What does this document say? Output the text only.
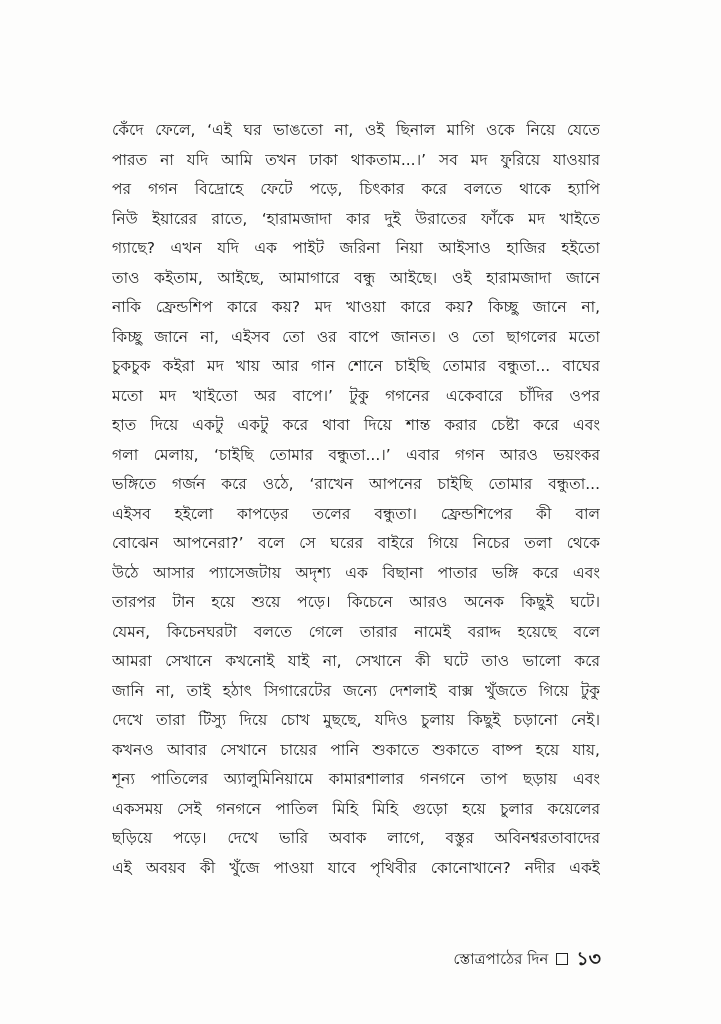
কেঁদে ফেলে, ‘এই ঘর ভাঙতো না, ওই ছিনাল মাগি ওকে নিয়ে যেতে
পারত না যদি আমি তখন ঢাকা থাকতাম...।’ সব মদ ফুরিয়ে যাওয়ার
পর গগন বিদ্রোহে ফেটে পড়ে, চিৎকার করে বলতে থাকে হ্যাপি
নিউ ইয়ারের রাতে, ‘হারামজাদা কার দুই উরাতের ফাঁকে মদ খাইতে
গ্যাছে? এখন যদি এক পাইট জরিনা নিয়া আইসাও হাজির হইতো
তাও কইতাম, আইছে, আমাগারে বন্ধু আইছে। ওই হারামজাদা জানে
নাকি ফ্রেন্ডশিপ কারে কয়? মদ খাওয়া কারে কয়? কিচ্ছু জানে না,
কিচ্ছু জানে না, এইসব তো ওর বাপে জানত। ও তো ছাগলের মতো
চুকচুক কইরা মদ খায় আর গান শোনে চাইছি তোমার বন্ধুতা... বাঘের
মতো মদ খাইতো অর বাপে।’ টুকু গগনের একেবারে চাঁদির ওপর
হাত দিয়ে একটু একটু করে থাবা দিয়ে শান্ত করার চেষ্টা করে এবং
গলা মেলায়, ‘চাইছি তোমার বন্ধুতা...।’ এবার গগন আরও ভয়ংকর
ভঙ্গিতে গর্জন করে ওঠে, ‘রাখেন আপনের চাইছি তোমার বন্ধুতা...
এইসব হইলো কাপড়ের তলের বন্ধুতা। ফ্রেন্ডশিপের কী বাল
বোঝেন আপনেরা?’ বলে সে ঘরের বাইরে গিয়ে নিচের তলা থেকে
উঠে আসার প্যাসেজটায় অদৃশ্য এক বিছানা পাতার ভঙ্গি করে এবং
তারপর টান হয়ে শুয়ে পড়ে। কিচেনে আরও অনেক কিছুই ঘটে।
যেমন, কিচেনঘরটা বলতে গেলে তারার নামেই বরাদ্দ হয়েছে বলে
আমরা সেখানে কখনোই যাই না, সেখানে কী ঘটে তাও ভালো করে
জানি না, তাই হঠাৎ সিগারেটের জন্যে দেশলাই বাক্স খুঁজতে গিয়ে টুকু
দেখে তারা টিস্যু দিয়ে চোখ মুছছে, যদিও চুলায় কিছুই চড়ানো নেই।
কখনও আবার সেখানে চায়ের পানি শুকাতে শুকাতে বাষ্প হয়ে যায়,
শূন্য পাতিলের অ্যালুমিনিয়ামে কামারশালার গনগনে তাপ ছড়ায় এবং
একসময় সেই গনগনে পাতিল মিহি মিহি গুড়ো হয়ে চুলার কয়েলের
ছড়িয়ে পড়ে। দেখে ভারি অবাক লাগে, বস্তুর অবিনশ্বরতাবাদের
এই অবয়ব কী খুঁজে পাওয়া যাবে পৃথিবীর কোনোখানে? নদীর একই
স্তোত্রপাঠের দিন ১৩
